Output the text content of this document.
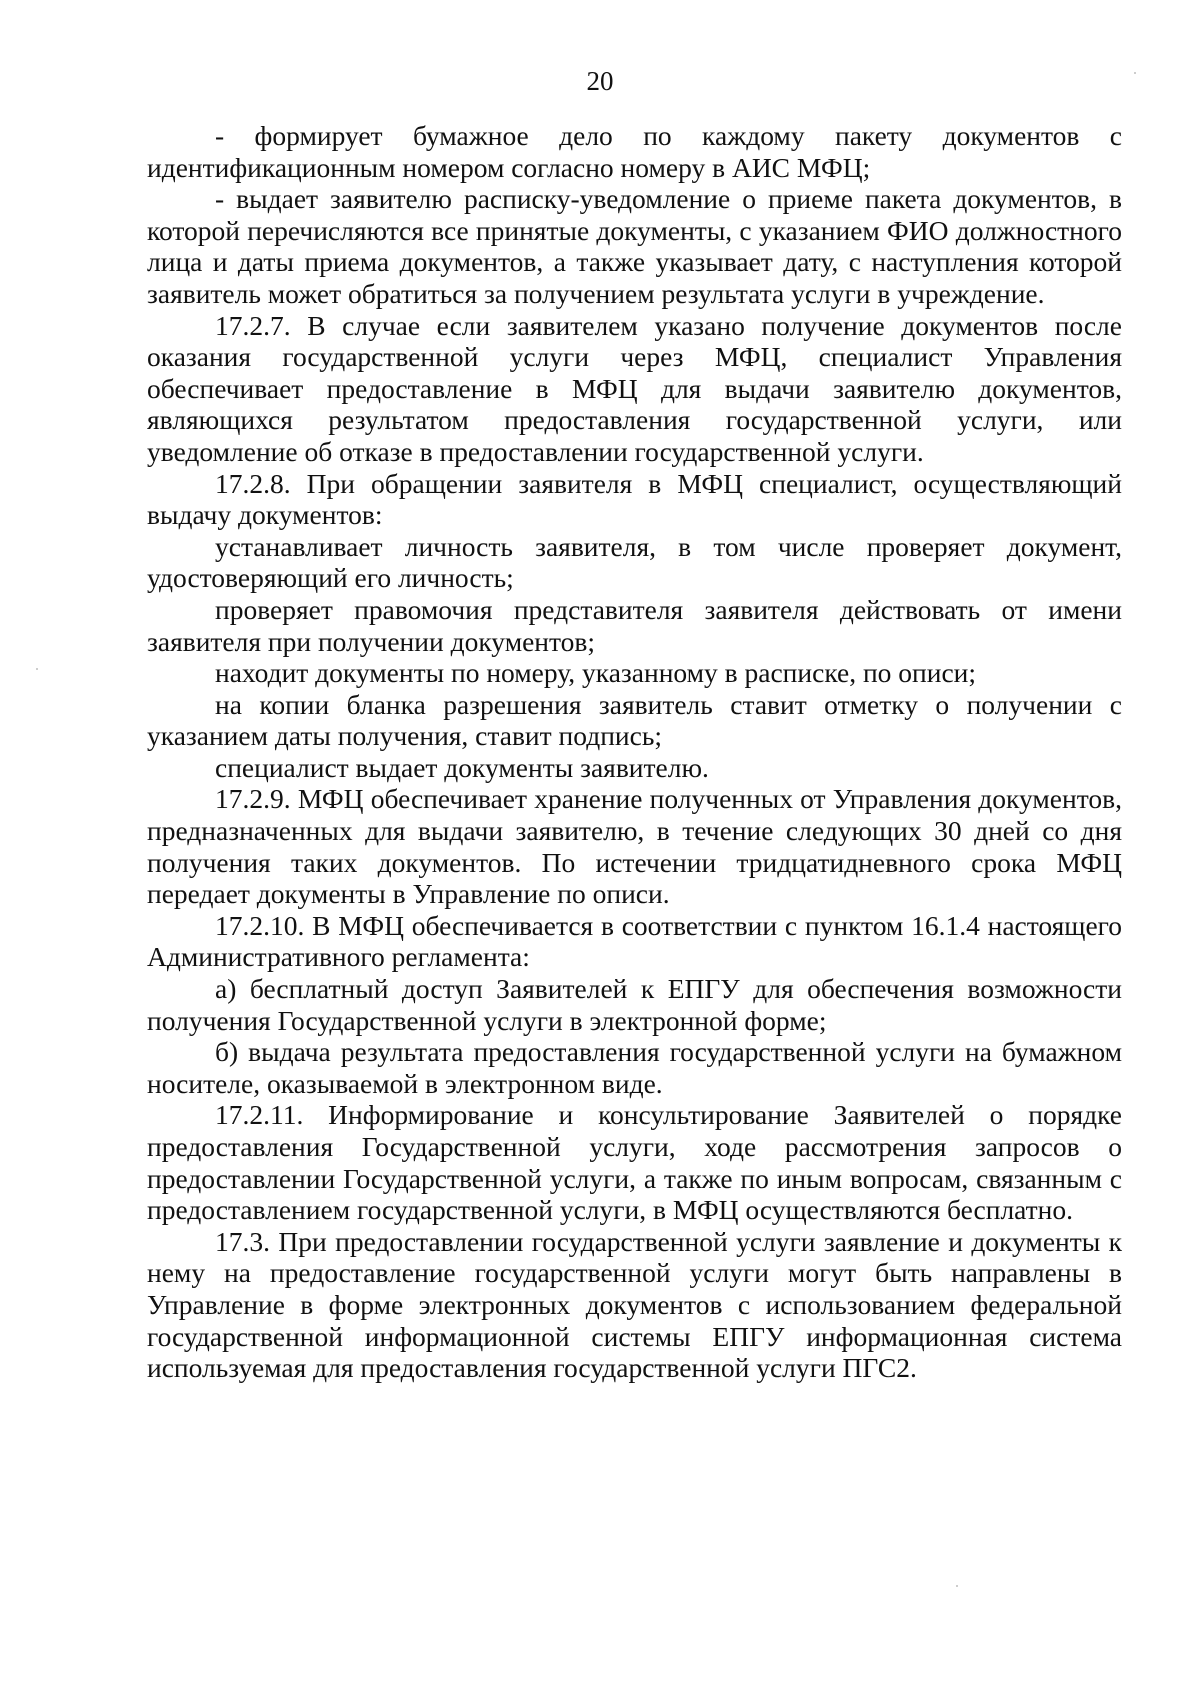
20

- формирует бумажное дело по каждому пакету документов с идентификационным номером согласно номеру в АИС МФЦ;

- выдает заявителю расписку-уведомление о приеме пакета документов, в которой перечисляются все принятые документы, с указанием ФИО должностного лица и даты приема документов, а также указывает дату, с наступления которой заявитель может обратиться за получением результата услуги в учреждение.

17.2.7. В случае если заявителем указано получение документов после оказания государственной услуги через МФЦ, специалист Управления обеспечивает предоставление в МФЦ для выдачи заявителю документов, являющихся результатом предоставления государственной услуги, или уведомление об отказе в предоставлении государственной услуги.

17.2.8. При обращении заявителя в МФЦ специалист, осуществляющий выдачу документов:

устанавливает личность заявителя, в том числе проверяет документ, удостоверяющий его личность;

проверяет правомочия представителя заявителя действовать от имени заявителя при получении документов;

находит документы по номеру, указанному в расписке, по описи;

на копии бланка разрешения заявитель ставит отметку о получении с указанием даты получения, ставит подпись;

специалист выдает документы заявителю.

17.2.9. МФЦ обеспечивает хранение полученных от Управления документов, предназначенных для выдачи заявителю, в течение следующих 30 дней со дня получения таких документов. По истечении тридцатидневного срока МФЦ передает документы в Управление по описи.

17.2.10. В МФЦ обеспечивается в соответствии с пунктом 16.1.4 настоящего Административного регламента:

а) бесплатный доступ Заявителей к ЕПГУ для обеспечения возможности получения Государственной услуги в электронной форме;

б) выдача результата предоставления государственной услуги на бумажном носителе, оказываемой в электронном виде.

17.2.11. Информирование и консультирование Заявителей о порядке предоставления Государственной услуги, ходе рассмотрения запросов о предоставлении Государственной услуги, а также по иным вопросам, связанным с предоставлением государственной услуги, в МФЦ осуществляются бесплатно.

17.3. При предоставлении государственной услуги заявление и документы к нему на предоставление государственной услуги могут быть направлены в Управление в форме электронных документов с использованием федеральной государственной информационной системы ЕПГУ информационная система используемая для предоставления государственной услуги ПГС2.
